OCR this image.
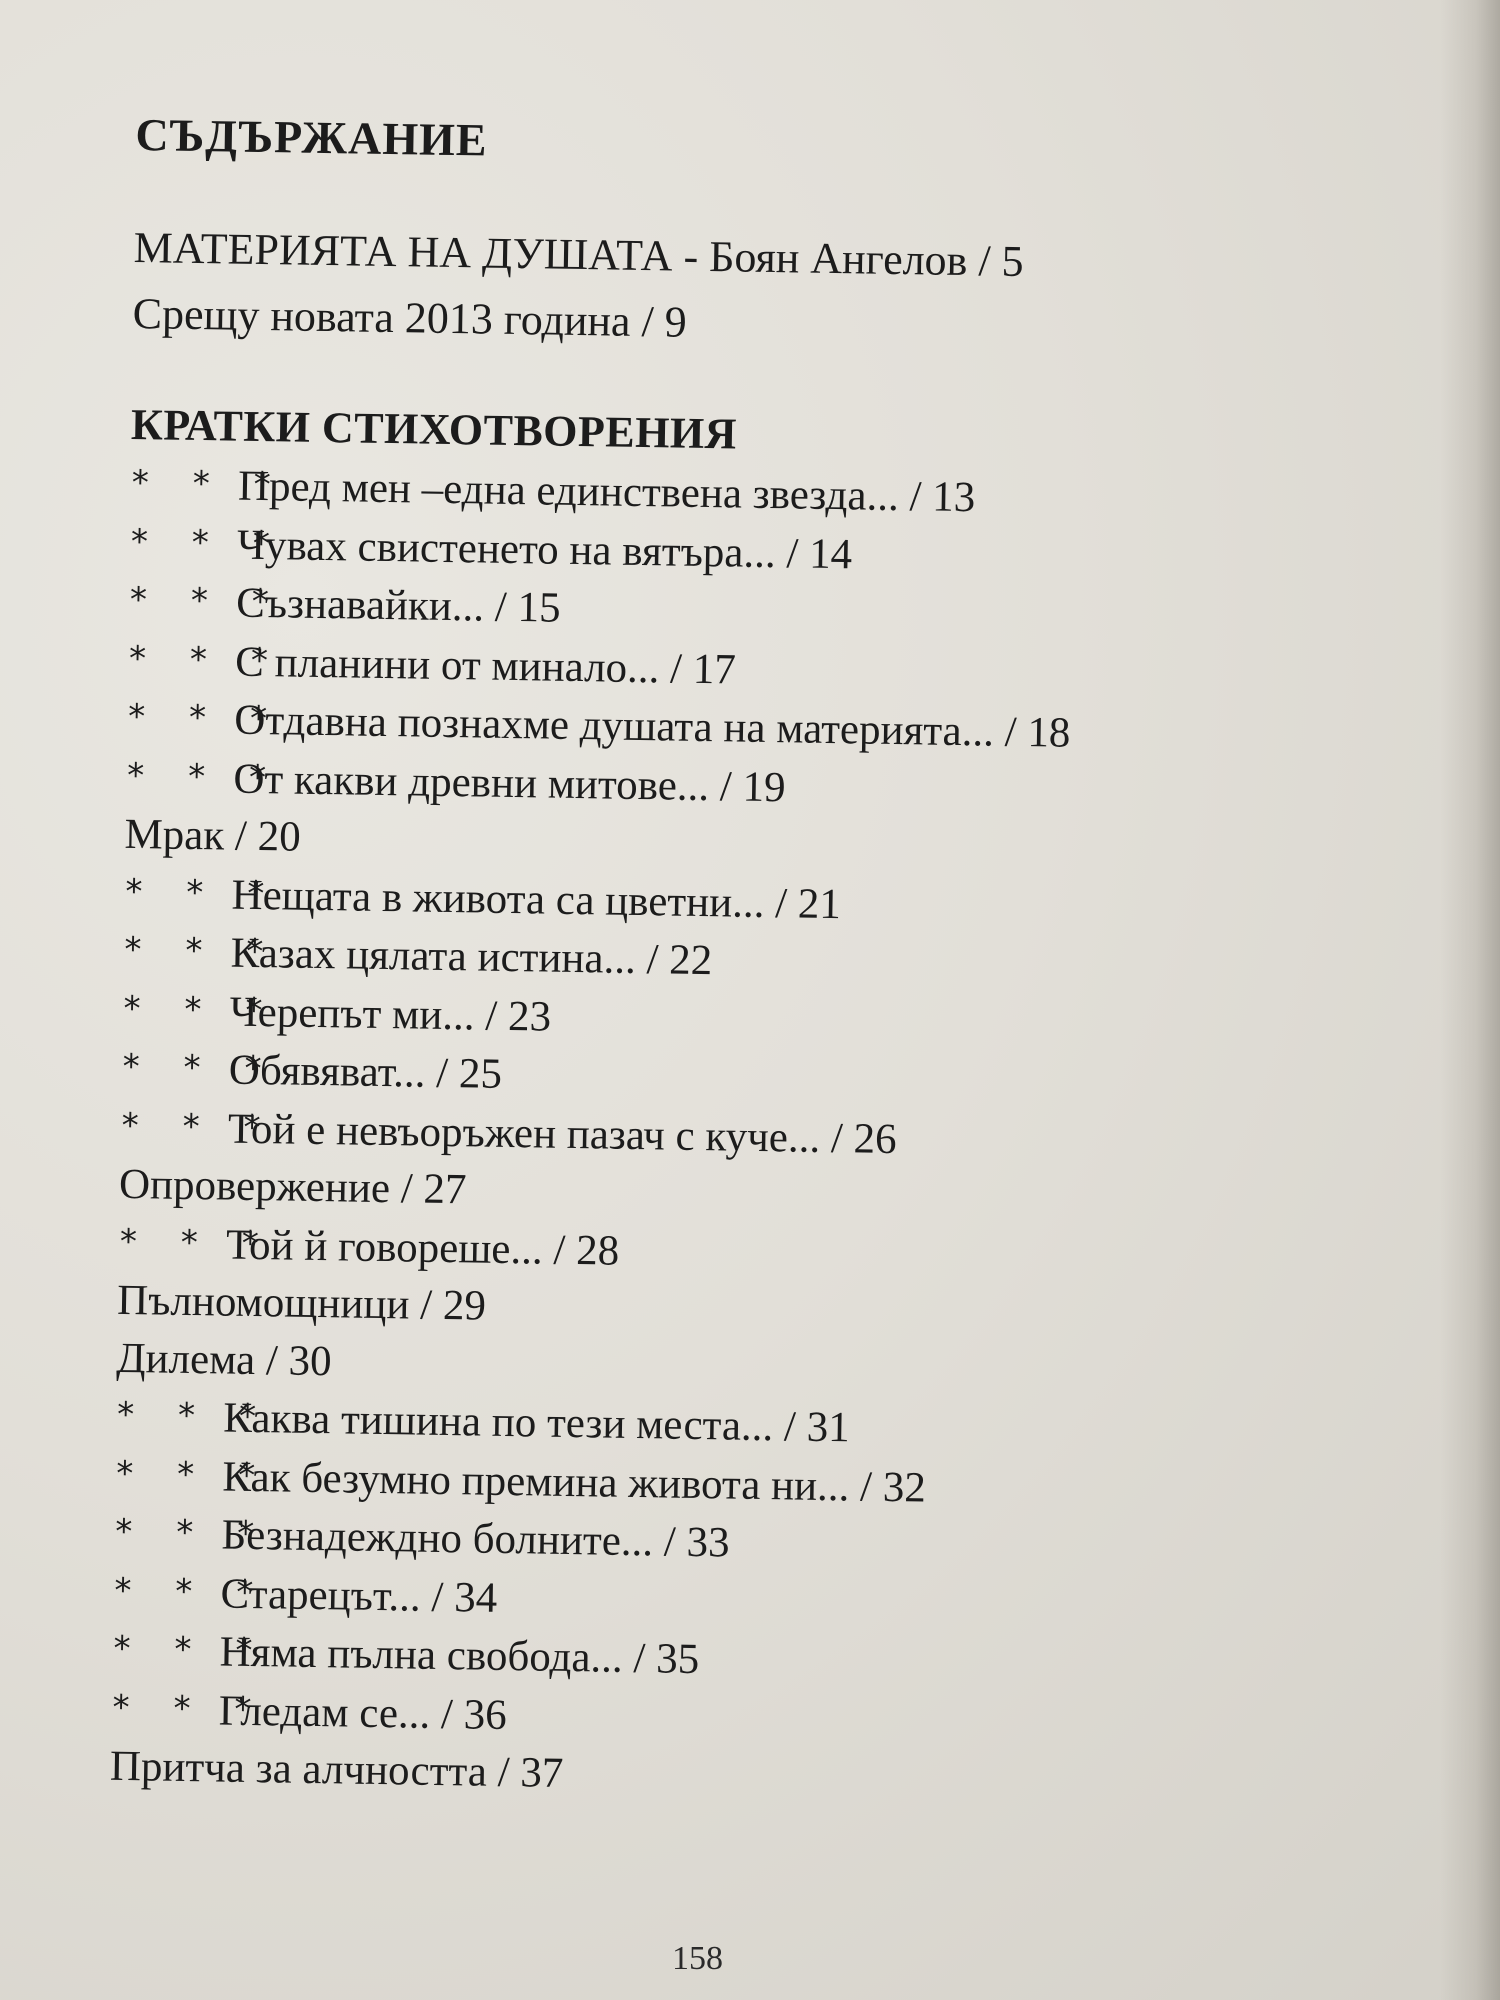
СЪДЪРЖАНИЕ
МАТЕРИЯТА НА ДУШАТА - Боян Ангелов / 5
Срещу новата 2013 година / 9
КРАТКИ СТИХОТВОРЕНИЯ
* * *Пред мен –една единствена звезда... / 13
* * *Чувах свистенето на вятъра... / 14
* * *Съзнавайки... / 15
* * *С планини от минало... / 17
* * *Отдавна познахме душата на материята... / 18
* * *От какви древни митове... / 19
Мрак / 20
* * *Нещата в живота са цветни... / 21
* * *Казах цялата истина... / 22
* * *Черепът ми... / 23
* * *Обявяват... / 25
* * *Той е невъоръжен пазач с куче... / 26
Опровержение / 27
* * *Той й говореше... / 28
Пълномощници / 29
Дилема / 30
* * *Каква тишина по тези места... / 31
* * *Как безумно премина живота ни... / 32
* * *Безнадеждно болните... / 33
* * *Старецът... / 34
* * *Няма пълна свобода... / 35
* * *Гледам се... / 36
Притча за алчността / 37
158
